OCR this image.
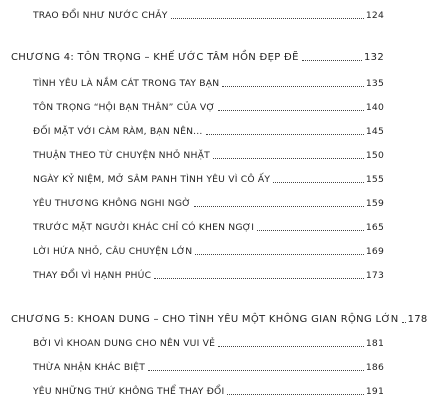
TRAO ĐỔI NHƯ NƯỚC CHẢY	124
CHƯƠNG 4: TÔN TRỌNG – KHẾ ƯỚC TÂM HỒN ĐẸP ĐẼ	132
TÌNH YÊU LÀ NẮM CÁT TRONG TAY BẠN	135
TÔN TRỌNG “HỘI BẠN THÂN” CỦA VỢ	140
ĐỐI MẶT VỚI CÀM RÀM, BẠN NÊN...	145
THUẬN THEO TỪ CHUYỆN NHỎ NHẶT	150
NGÀY KỶ NIỆM, MỞ SÂM PANH TÌNH YÊU VÌ CÔ ẤY	155
YÊU THƯƠNG KHÔNG NGHI NGỜ	159
TRƯỚC MẶT NGƯỜI KHÁC CHỈ CÓ KHEN NGỢI	165
LỜI HỨA NHỎ, CÂU CHUYỆN LỚN	169
THAY ĐỔI VÌ HẠNH PHÚC	173
CHƯƠNG 5: KHOAN DUNG – CHO TÌNH YÊU MỘT KHÔNG GIAN RỘNG LỚN 178
BỞI VÌ KHOAN DUNG CHO NÊN VUI VẺ	181
THỪA NHẬN KHÁC BIỆT	186
YÊU NHỮNG THỨ KHÔNG THỂ THAY ĐỔI	191
